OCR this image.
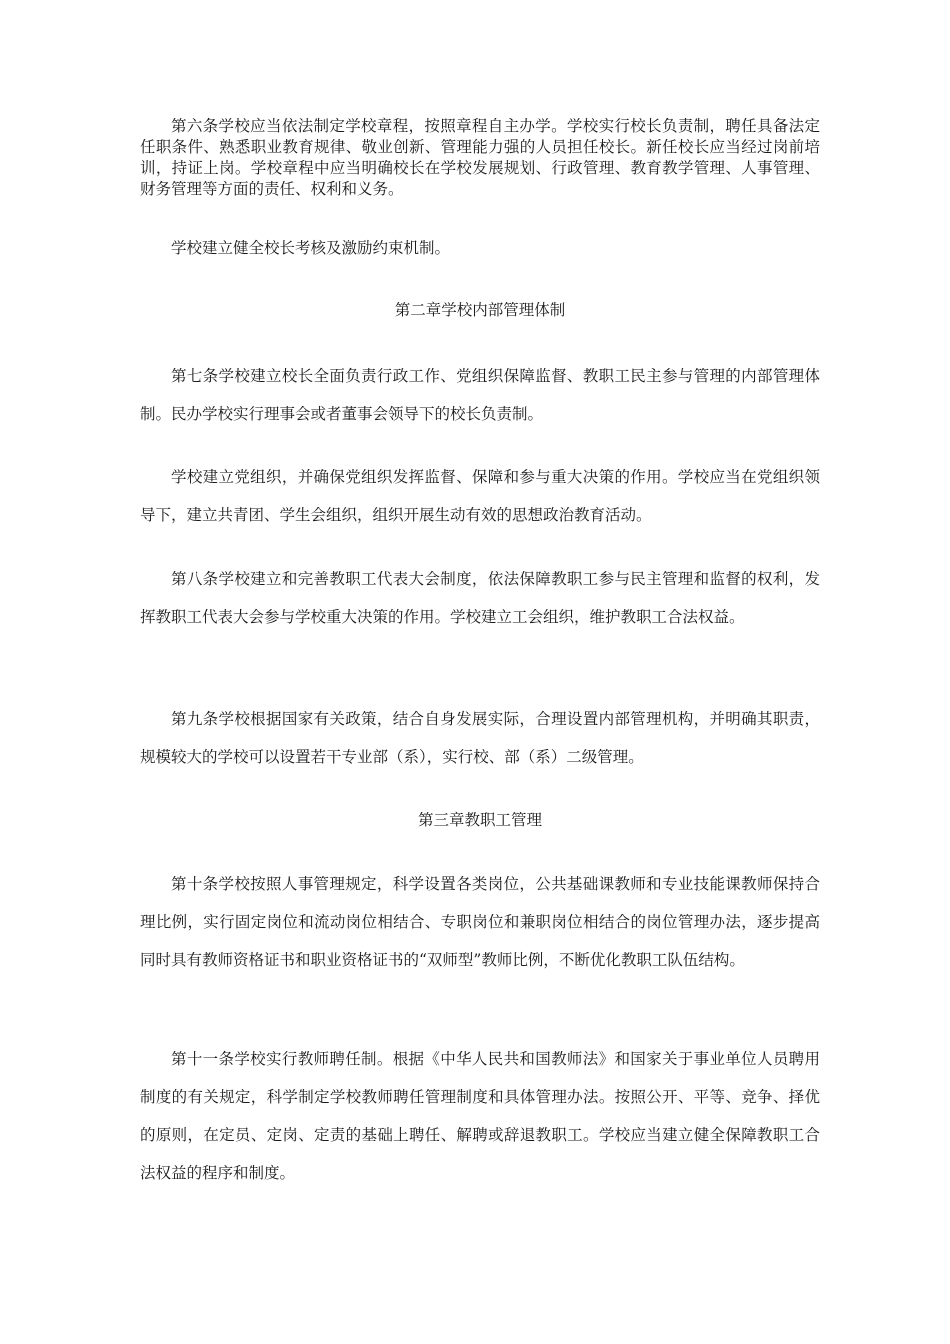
第六条学校应当依法制定学校章程，按照章程自主办学。学校实行校长负责制，聘任具备法定任职条件、熟悉职业教育规律、敬业创新、管理能力强的人员担任校长。新任校长应当经过岗前培训，持证上岗。学校章程中应当明确校长在学校发展规划、行政管理、教育教学管理、人事管理、财务管理等方面的责任、权利和义务。

学校建立健全校长考核及激励约束机制。

第二章学校内部管理体制

第七条学校建立校长全面负责行政工作、党组织保障监督、教职工民主参与管理的内部管理体制。民办学校实行理事会或者董事会领导下的校长负责制。

学校建立党组织，并确保党组织发挥监督、保障和参与重大决策的作用。学校应当在党组织领导下，建立共青团、学生会组织，组织开展生动有效的思想政治教育活动。

第八条学校建立和完善教职工代表大会制度，依法保障教职工参与民主管理和监督的权利，发挥教职工代表大会参与学校重大决策的作用。学校建立工会组织，维护教职工合法权益。

第九条学校根据国家有关政策，结合自身发展实际，合理设置内部管理机构，并明确其职责，规模较大的学校可以设置若干专业部（系），实行校、部（系）二级管理。

第三章教职工管理

第十条学校按照人事管理规定，科学设置各类岗位，公共基础课教师和专业技能课教师保持合理比例，实行固定岗位和流动岗位相结合、专职岗位和兼职岗位相结合的岗位管理办法，逐步提高同时具有教师资格证书和职业资格证书的“双师型”教师比例，不断优化教职工队伍结构。

第十一条学校实行教师聘任制。根据《中华人民共和国教师法》和国家关于事业单位人员聘用制度的有关规定，科学制定学校教师聘任管理制度和具体管理办法。按照公开、平等、竞争、择优的原则，在定员、定岗、定责的基础上聘任、解聘或辞退教职工。学校应当建立健全保障教职工合法权益的程序和制度。
